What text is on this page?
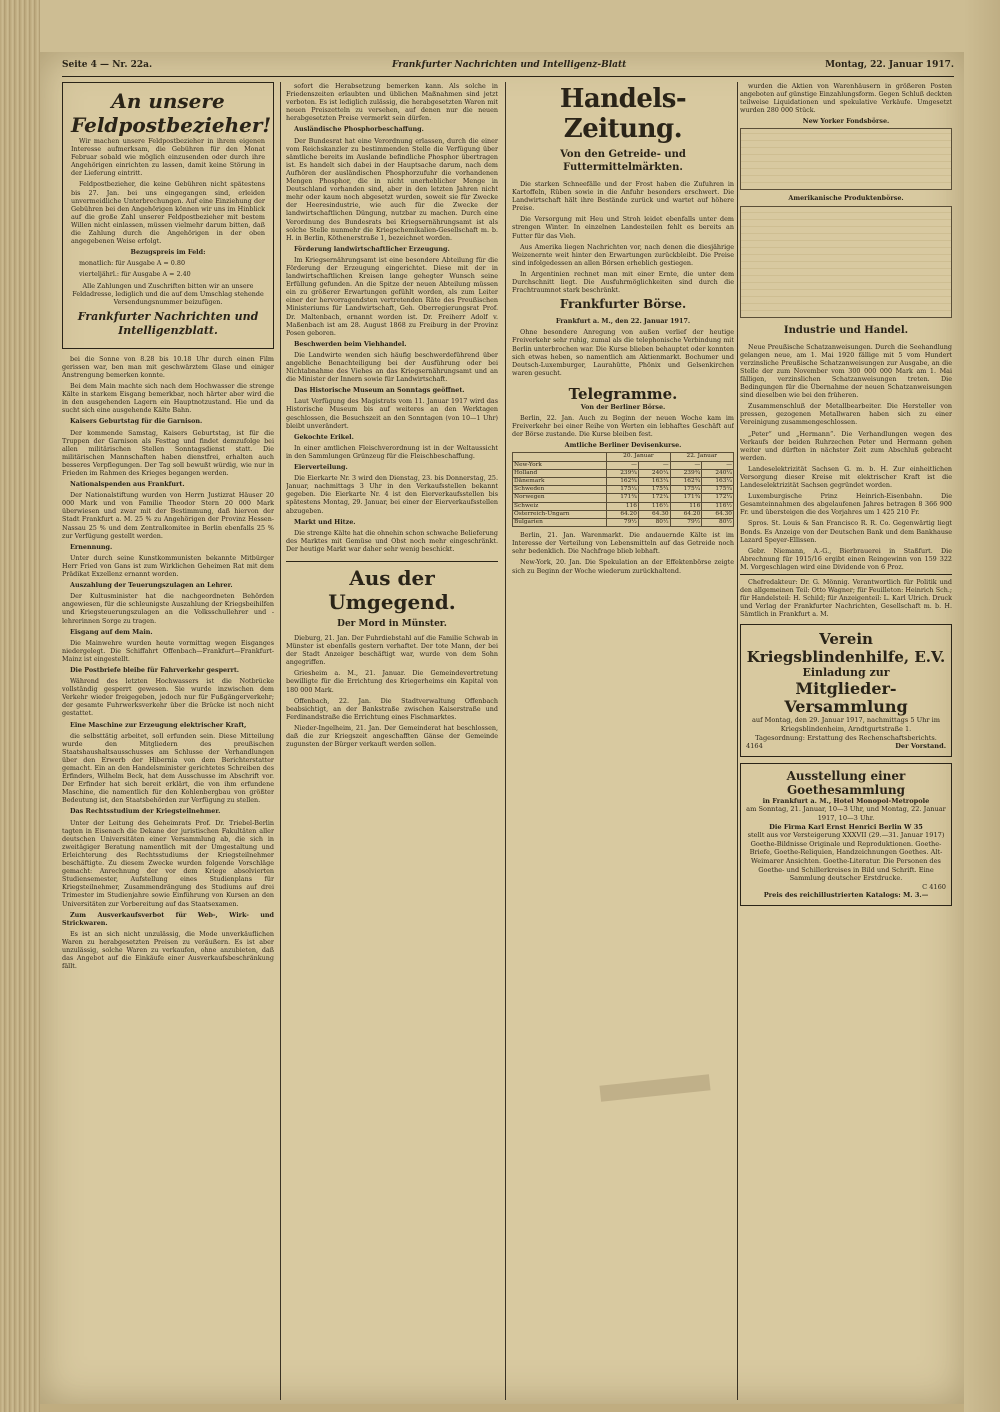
Seite 4 — Nr. 22a.	Frankfurter Nachrichten und Intelligenz-Blatt	Montag, 22. Januar 1917.
An unsere Feldpostbezieher!

Wir machen unsere Feldpostbezieher in ihrem eigenen Interesse aufmerksam, die Gebühren für den Monat Februar sobald wie möglich einzusenden oder durch ihre Angehörigen einrichten zu lassen, damit keine Störung in der Lieferung eintritt.

Feldpostbezieher, die keine Gebühren nicht spätestens bis 27. Jan. bei uns eingegangen sind, erleiden unvermeidliche Unterbrechungen. Auf eine Einziehung der Gebühren bei den Angehörigen können wir uns im Hinblick auf die große Zahl unserer Feldpostbezieher mit bestem Willen nicht einlassen, müssen vielmehr darum bitten, daß die Zahlung durch die Angehörigen in der oben angegebenen Weise erfolgt.

Bezugspreis im Feld:

monatlich: für Ausgabe A = 0.80

vierteljährl.: für Ausgabe A = 2.40

Alle Zahlungen und Zuschriften bitten wir an unsere Feldadresse, lediglich und die auf dem Umschlag stehende Versendungsnummer beizufügen.

Frankfurter Nachrichten und Intelligenzblatt.

bei die Sonne von 8.28 bis 10.18 Uhr durch einen Film gerissen war, ben man mit geschwärztem Glase und einiger Anstrengung bemerken konnte.

Bei dem Main machte sich nach dem Hochwasser die strenge Kälte in starkem Eisgang bemerkbar, noch härter aber wird die in den ausgehenden Lagern ein Hauptnotzustand. Hie und da sucht sich eine ausgehende Kälte Bahn.

Kaisers Geburtstag für die Garnison.

Der kommende Samstag, Kaisers Geburtstag, ist für die Truppen der Garnison als Festtag und findet demzufolge bei allen militärischen Stellen Sonntagsdienst statt. Die militärischen Mannschaften haben dienstfrei, erhalten auch besseres Verpflegungen. Der Tag soll bewußt würdig, wie nur in Frieden im Rahmen des Krieges begangen werden.

Nationalspenden aus Frankfurt.

Der Nationalstiftung wurden von Herrn Justizrat Häuser 20 000 Mark und von Familie Theodor Stern 20 000 Mark überwiesen und zwar mit der Bestimmung, daß hiervon der Stadt Frankfurt a. M. 25 % zu Angehörigen der Provinz Hessen-Nassau 25 % und dem Zentralkomitee in Berlin ebenfalls 25 % zur Verfügung gestellt werden.

Ernennung.

Unter durch seine Kunstkommunisten bekannte Mitbürger Herr Fried von Gans ist zum Wirklichen Geheimen Rat mit dem Prädikat Exzellenz ernannt worden.

Auszahlung der Teuerungszulagen an Lehrer.

Der Kultusminister hat die nachgeordneten Behörden angewiesen, für die schleunigste Auszahlung der Kriegsbeihilfen und Kriegsteuerungszulagen an die Volksschullehrer und -lehrerinnen Sorge zu tragen.

Eisgang auf dem Main.

Die Mainwehre wurden heute vormittag wegen Eisganges niedergelegt. Die Schiffahrt Offenbach—Frankfurt—Frankfurt-Mainz ist eingestellt.

Die Postbriefe bleibe für Fahrverkehr gesperrt.

Während des letzten Hochwassers ist die Notbrücke vollständig gesperrt gewesen. Sie wurde inzwischen dem Verkehr wieder freigegeben, jedoch nur für Fußgängerverkehr; der gesamte Fuhrwerksverkehr über die Brücke ist noch nicht gestattet.

Eine Maschine zur Erzeugung elektrischer Kraft,

die selbsttätig arbeitet, soll erfunden sein. Diese Mitteilung wurde den Mitgliedern des preußischen Staatshaushaltsausschusses am Schlusse der Verhandlungen über den Erwerb der Hibernia von dem Berichterstatter gemacht. Ein an den Handelsminister gerichtetes Schreiben des Erfinders, Wilhelm Beck, hat dem Ausschusse im Abschrift vor. Der Erfinder hat sich bereit erklärt, die von ihm erfundene Maschine, die namentlich für den Kohlenbergbau von größter Bedeutung ist, den Staatsbehörden zur Verfügung zu stellen.

Das Rechtsstudium der Kriegsteilnehmer.

Unter der Leitung des Geheimrats Prof. Dr. Triebel-Berlin tagten in Eisenach die Dekane der juristischen Fakultäten aller deutschen Universitäten einer Versammlung ab, die sich in zweitägiger Beratung namentlich mit der Umgestaltung und Erleichterung des Rechtsstudiums der Kriegsteilnehmer beschäftigte. Zu diesem Zwecke wurden folgende Vorschläge gemacht: Anrechnung der vor dem Kriege absolvierten Studiensemester, Aufstellung eines Studienplans für Kriegsteilnehmer, Zusammendrängung des Studiums auf drei Trimester im Studienjahre sowie Einführung von Kursen an den Universitäten zur Vorbereitung auf das Staatsexamen.

Zum Ausverkaufsverbot für Web-, Wirk- und Strickwaren.

Es ist an sich nicht unzulässig, die Mode unverkäuflichen Waren zu herabgesetzten Preisen zu veräußern. Es ist aber unzulässig, solche Waren zu verkaufen, ohne anzubieten, daß das Angebot auf die Einkäufe einer Ausverkaufsbeschränkung fällt.

sofort die Herabsetzung bemerken kann. Als solche in Friedenszeiten erlaubten und üblichen Maßnahmen sind jetzt verboten. Es ist lediglich zulässig, die herabgesetzten Waren mit neuen Preiszetteln zu versehen, auf denen nur die neuen herabgesetzten Preise vermerkt sein dürfen.

Ausländische Phosphorbeschaffung.

Der Bundesrat hat eine Verordnung erlassen, durch die einer vom Reichskanzler zu bestimmenden Stelle die Verfügung über sämtliche bereits im Auslande befindliche Phosphor übertragen ist. Es handelt sich dabei in der Hauptsache darum, nach dem Aufhören der ausländischen Phosphorzufuhr die vorhandenen Mengen Phosphor, die in nicht unerheblicher Menge in Deutschland vorhanden sind, aber in den letzten Jahren nicht mehr oder kaum noch abgesetzt wurden, soweit sie für Zwecke der Heeresindustrie, wie auch für die Zwecke der landwirtschaftlichen Düngung, nutzbar zu machen. Durch eine Verordnung des Bundesrats bei Kriegsernährungsamt ist als solche Stelle nunmehr die Kriegschemikalien-Gesellschaft m. b. H. in Berlin, Köthenerstraße 1, bezeichnet worden.

Förderung landwirtschaftlicher Erzeugung.

Im Kriegsernährungsamt ist eine besondere Abteilung für die Förderung der Erzeugung eingerichtet. Diese mit der in landwirtschaftlichen Kreisen lange gehegter Wunsch seine Erfüllung gefunden. An die Spitze der neuen Abteilung müssen ein zu größerer Erwartungen gefühlt worden, als zum Leiter einer der hervorragendsten vertretenden Räte des Preußischen Ministeriums für Landwirtschaft, Geh. Oberregierungsrat Prof. Dr. Maltenbach, ernannt worden ist. Dr. Freiherr Adolf v. Maßenbach ist am 28. August 1868 zu Freiburg in der Provinz Posen geboren.

Beschwerden beim Viehhandel.

Die Landwirte wenden sich häufig beschwerdeführend über angebliche Benachteiligung bei der Ausführung oder bei Nichtabnahme des Viehes an das Kriegsernährungsamt und an die Minister der Innern sowie für Landwirtschaft.

Das Historische Museum an Sonntags geöffnet.

Laut Verfügung des Magistrats vom 11. Januar 1917 wird das Historische Museum bis auf weiteres an den Werktagen geschlossen, die Besuchszeit an den Sonntagen (von 10—1 Uhr) bleibt unverändert.

Gekochte Erikel.

In einer amtlichen Fleischverordnung ist in der Weltaussicht in den Sammlungen Grünzeug für die Fleischbeschaffung.

Eierverteilung.

Die Eierkarte Nr. 3 wird den Dienstag, 23. bis Donnerstag, 25. Januar, nachmittags 3 Uhr in den Verkaufsstellen bekannt gegeben. Die Eierkarte Nr. 4 ist den Eierverkaufsstellen bis spätestens Montag, 29. Januar, bei einer der Eierverkaufsstellen abzugeben.

Markt und Hitze.

Die strenge Kälte hat die ohnehin schon schwache Belieferung des Marktes mit Gemüse und Obst noch mehr eingeschränkt. Der heutige Markt war daher sehr wenig beschickt.

Aus der Umgegend.
Der Mord in Münster.

Dieburg, 21. Jan. Der Fuhrdiebstahl auf die Familie Schwab in Münster ist ebenfalls gestern verhaftet. Der tote Mann, der bei der Stadt Anzeiger beschäftigt war, wurde von dem Sohn angegriffen.

Griesheim a. M., 21. Januar. Die Gemeindevertretung bewilligte für die Errichtung des Kriegerheims ein Kapital von 180 000 Mark.

Offenbach, 22. Jan. Die Stadtverwaltung Offenbach beabsichtigt, an der Bankstraße zwischen Kaiserstraße und Ferdinandstraße die Errichtung eines Fischmarktes.

Nieder-Ingelheim, 21. Jan. Der Gemeinderat hat beschlossen, daß die zur Kriegszeit angeschafften Gänse der Gemeinde zugunsten der Bürger verkauft werden sollen.

Handels-Zeitung.
Von den Getreide- und Futtermittelmärkten.

Die starken Schneefälle und der Frost haben die Zufuhren in Kartoffeln, Rüben sowie in die Anfuhr besonders erschwert. Die Landwirtschaft hält ihre Bestände zurück und wartet auf höhere Preise.

Die Versorgung mit Heu und Stroh leidet ebenfalls unter dem strengen Winter. In einzelnen Landesteilen fehlt es bereits an Futter für das Vieh.

Aus Amerika liegen Nachrichten vor, nach denen die diesjährige Weizenernte weit hinter den Erwartungen zurückbleibt. Die Preise sind infolgedessen an allen Börsen erheblich gestiegen.

In Argentinien rechnet man mit einer Ernte, die unter dem Durchschnitt liegt. Die Ausfuhrmöglichkeiten sind durch die Frachtraumnot stark beschränkt.

Frankfurter Börse.

Frankfurt a. M., den 22. Januar 1917.

Ohne besondere Anregung von außen verlief der heutige Freiverkehr sehr ruhig, zumal als die telephonische Verbindung mit Berlin unterbrochen war. Die Kurse blieben behauptet oder konnten sich etwas heben, so namentlich am Aktienmarkt. Bochumer und Deutsch-Luxemburger, Laurahütte, Phönix und Gelsenkirchen waren gesucht.

Telegramme.

Von der Berliner Börse.

Berlin, 22. Jan. Auch zu Beginn der neuen Woche kam im Freiverkehr bei einer Reihe von Werten ein lebhaftes Geschäft auf der Börse zustande. Die Kurse bleiben fest.

Amtliche Berliner Devisenkurse.

	20. Januar		22. Januar	
New-York	—	—	—	—
Holland	239¾	240¼	239¾	240¼
Dänemark	162¾	163¼	162¾	163¼
Schweden	175¼	175¾	175¼	175¾
Norwegen	171¾	172¼	171¾	172¼
Schweiz	116	116½	116	116½
Österreich-Ungarn	64.20	64.30	64.20	64.30
Bulgarien	79½	80½	79½	80½

Berlin, 21. Jan. Warenmarkt. Die andauernde Kälte ist im Interesse der Verteilung von Lebensmitteln auf das Getreide noch sehr bedenklich. Die Nachfrage blieb lebhaft.

New-York, 20. Jan. Die Spekulation an der Effektenbörse zeigte sich zu Beginn der Woche wiederum zurückhaltend.

wurden die Aktien von Warenhäusern in größeren Posten angeboten auf günstige Einzahlungsform. Gegen Schluß deckten teilweise Liquidationen und spekulative Verkäufe. Umgesetzt wurden 280 000 Stück.

New Yorker Fondsbörse.

Amerikanische Produktenbörse.

Industrie und Handel.

Neue Preußische Schatzanweisungen. Durch die Seehandlung gelangen neue, am 1. Mai 1920 fällige mit 5 vom Hundert verzinsliche Preußische Schatzanweisungen zur Ausgabe, an die Stelle der zum November vom 300 000 000 Mark am 1. Mai fälligen, verzinslichen Schatzanweisungen treten. Die Bedingungen für die Übernahme der neuen Schatzanweisungen sind dieselben wie bei den früheren.

Zusammenschluß der Metallbearbeiter. Die Hersteller von pressen, gezogenen Metallwaren haben sich zu einer Vereinigung zusammengeschlossen.

„Peter“ und „Hermann“. Die Verhandlungen wegen des Verkaufs der beiden Ruhrzechen Peter und Hermann gehen weiter und dürften in nächster Zeit zum Abschluß gebracht werden.

Landeselektrizität Sachsen G. m. b. H. Zur einheitlichen Versorgung dieser Kreise mit elektrischer Kraft ist die Landeselektrizität Sachsen gegründet worden.

Luxemburgische Prinz Heinrich-Eisenbahn. Die Gesamteinnahmen des abgelaufenen Jahres betragen 8 366 900 Fr. und übersteigen die des Vorjahres um 1 425 210 Fr.

Spros. St. Louis & San Francisco R. R. Co. Gegenwärtig liegt Bonds. Es Anzeige von der Deutschen Bank und dem Bankhause Lazard Speyer-Ellissen.

Gebr. Niemann, A.-G., Bierbrauerei in Staßfurt. Die Abrechnung für 1915/16 ergibt einen Reingewinn von 159 322 M. Vorgeschlagen wird eine Dividende von 6 Proz.

Chefredakteur: Dr. G. Mönnig. Verantwortlich für Politik und den allgemeinen Teil: Otto Wagner; für Feuilleton: Heinrich Sch.; für Handelsteil: H. Schild; für Anzeigenteil: L. Karl Ulrich. Druck und Verlag der Frankfurter Nachrichten, Gesellschaft m. b. H. Sämtlich in Frankfurt a. M.

Verein Kriegsblindenhilfe, E.V.
Einladung zur
Mitglieder-Versammlung
auf Montag, den 29. Januar 1917, nachmittags 5 Uhr im Kriegsblindenheim, Arndtgurtstraße 1.
Tagesordnung: Erstattung des Rechenschaftsberichts.
4164	Der Vorstand.
Ausstellung einer Goethesammlung
in Frankfurt a. M., Hotel Monopol-Metropole
am Sonntag, 21. Januar, 10—3 Uhr, und Montag, 22. Januar 1917, 10—3 Uhr.
Die Firma Karl Ernst Henrici Berlin W 35
stellt aus vor Versteigerung XXXVII (29.—31. Januar 1917) Goethe-Bildnisse Originale und Reproduktionen. Goethe-Briefe, Goethe-Reliquien, Handzeichnungen Goethes. Alt-Weimarer Ansichten. Goethe-Literatur. Die Personen des Goethe- und Schillerkreises in Bild und Schrift. Eine Sammlung deutscher Erstdrucke.
C 4160
Preis des reichillustrierten Katalogs: M. 3.—
